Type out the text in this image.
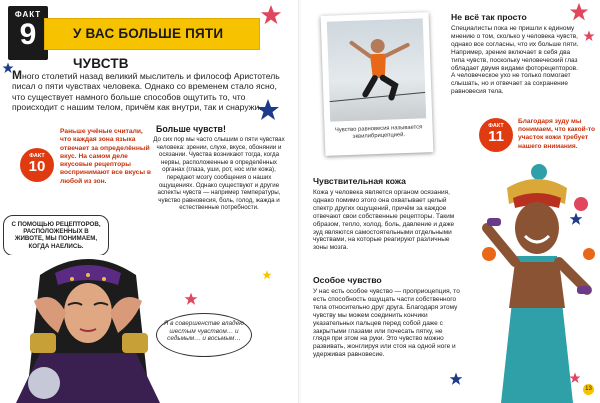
ФАКТ
9	У ВАС БОЛЬШЕ ПЯТИ ЧУВСТВ

Много столетий назад великий мыслитель и философ Аристотель писал о пяти чувствах человека. Однако со временем стало ясно, что существует намного больше способов ощутить то, что происходит с нашим телом, причём как внутри, так и снаружи.

ФАКТ
10
Раньше учёные считали, что каждая зона языка отвечает за определённый вкус. На самом деле вкусовые рецепторы воспринимают все вкусы в любой из зон.
Больше чувств!
До сих пор мы часто слышим о пяти чувствах человека: зрении, слухе, вкусе, обонянии и осязании. Чувства возникают тогда, когда нервы, расположенные в определённых органах (глаза, уши, рот, нос или кожа), передают мозгу сообщения о наших ощущениях. Однако существуют и другие аспекты чувств — например температуры, чувство равновесия, боль, голод, жажда и естественные потребности.
С ПОМОЩЬЮ РЕЦЕПТОРОВ, РАСПОЛОЖЕННЫХ В ЖИВОТЕ, МЫ ПОНИМАЕМ, КОГДА НАЕЛИСЬ.
Я в совершенстве владею шестым чувством… и седьмым… и восьмым…
Чувство равновесия называется эквилибрицепцией.
Не всё так просто
Специалисты пока не пришли к единому мнению о том, сколько у человека чувств, однако все согласны, что их больше пяти. Например, зрение включает в себя два типа чувств, поскольку человеческий глаз обладает двумя видами фоторецепторов. А человеческое ухо не только помогает слышать, но и отвечает за сохранение равновесия тела.
ФАКТ
11
Благодаря зуду мы понимаем, что какой-то участок кожи требует нашего внимания.
Чувствительная кожа
Кожа у человека является органом осязания, однако помимо этого она охватывает целый спектр других ощущений, причём за каждое отвечают свои собственные рецепторы. Таким образом, тепло, холод, боль, давление и даже зуд являются самостоятельными отдельными чувствами, на которые реагируют различные зоны мозга.
Особое чувство
У нас есть особое чувство — проприоцепция, то есть способность ощущать части собственного тела относительно друг друга. Благодаря этому чувству мы можем соединить кончики указательных пальцев перед собой даже с закрытыми глазами или почесать пятку, не глядя при этом на руки. Это чувство можно развивать, жонглируя или стоя на одной ноге и удерживая равновесие.
13
